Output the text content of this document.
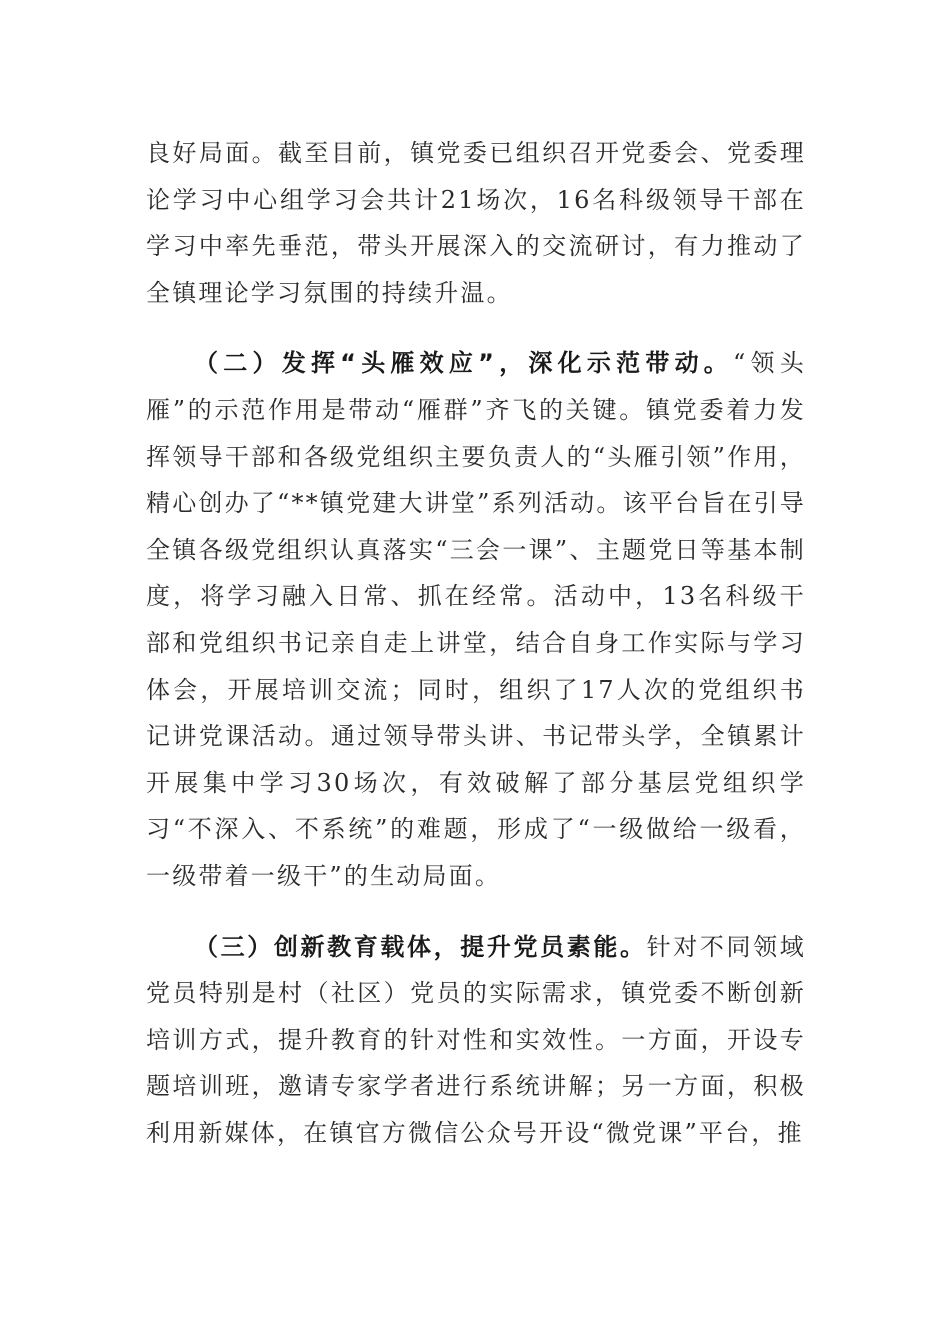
良好局面。截至目前，镇党委已组织召开党委会、党委理论学习中心组学习会共计21场次，16名科级领导干部在学习中率先垂范，带头开展深入的交流研讨，有力推动了全镇理论学习氛围的持续升温。

（二）发挥“头雁效应”，深化示范带动。“领头雁”的示范作用是带动“雁群”齐飞的关键。镇党委着力发挥领导干部和各级党组织主要负责人的“头雁引领”作用，精心创办了“**镇党建大讲堂”系列活动。该平台旨在引导全镇各级党组织认真落实“三会一课”、主题党日等基本制度，将学习融入日常、抓在经常。活动中，13名科级干部和党组织书记亲自走上讲堂，结合自身工作实际与学习体会，开展培训交流；同时，组织了17人次的党组织书记讲党课活动。通过领导带头讲、书记带头学，全镇累计开展集中学习30场次，有效破解了部分基层党组织学习“不深入、不系统”的难题，形成了“一级做给一级看，一级带着一级干”的生动局面。

（三）创新教育载体，提升党员素能。针对不同领域党员特别是村（社区）党员的实际需求，镇党委不断创新培训方式，提升教育的针对性和实效性。一方面，开设专题培训班，邀请专家学者进行系统讲解；另一方面，积极利用新媒体，在镇官方微信公众号开设“微党课”平台，推
